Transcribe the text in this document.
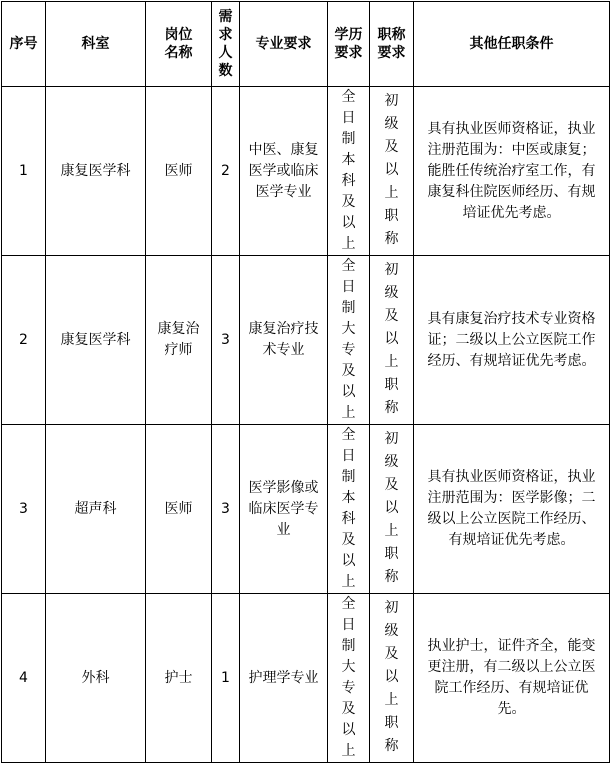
序号	科室	岗位名称	需求人数	专业要求	学历要求	职称要求	其他任职条件
1	康复医学科	医师	2	中医、康复医学或临床医学专业	全日制本科及以上	初级及以上职称	具有执业医师资格证，执业注册范围为：中医或康复；能胜任传统治疗室工作，有康复科住院医师经历、有规培证优先考虑。
2	康复医学科	康复治疗师	3	康复治疗技术专业	全日制大专及以上	初级及以上职称	具有康复治疗技术专业资格证；二级以上公立医院工作经历、有规培证优先考虑。
3	超声科	医师	3	医学影像或临床医学专业	全日制本科及以上	初级及以上职称	具有执业医师资格证，执业注册范围为：医学影像；二级以上公立医院工作经历、有规培证优先考虑。
4	外科	护士	1	护理学专业	全日制大专及以上	初级及以上职称	执业护士，证件齐全，能变更注册，有二级以上公立医院工作经历、有规培证优先。
